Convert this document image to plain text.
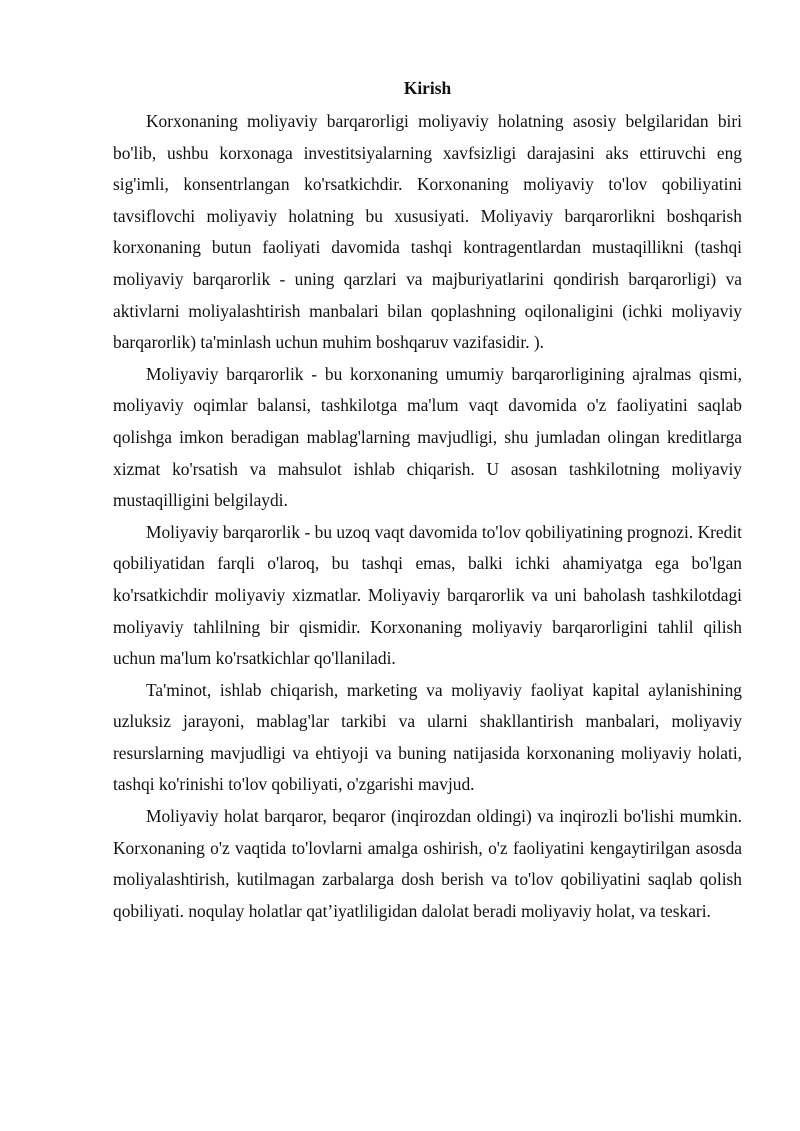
Kirish

Korxonaning moliyaviy barqarorligi moliyaviy holatning asosiy belgilaridan biri bo'lib, ushbu korxonaga investitsiyalarning xavfsizligi darajasini aks ettiruvchi eng sig'imli, konsentrlangan ko'rsatkichdir. Korxonaning moliyaviy to'lov qobiliyatini tavsiflovchi moliyaviy holatning bu xususiyati. Moliyaviy barqarorlikni boshqarish korxonaning butun faoliyati davomida tashqi kontragentlardan mustaqillikni (tashqi moliyaviy barqarorlik - uning qarzlari va majburiyatlarini qondirish barqarorligi) va aktivlarni moliyalashtirish manbalari bilan qoplashning oqilonaligini (ichki moliyaviy barqarorlik) ta'minlash uchun muhim boshqaruv vazifasidir. ).

Moliyaviy barqarorlik - bu korxonaning umumiy barqarorligining ajralmas qismi, moliyaviy oqimlar balansi, tashkilotga ma'lum vaqt davomida o'z faoliyatini saqlab qolishga imkon beradigan mablag'larning mavjudligi, shu jumladan olingan kreditlarga xizmat ko'rsatish va mahsulot ishlab chiqarish. U asosan tashkilotning moliyaviy mustaqilligini belgilaydi.

Moliyaviy barqarorlik - bu uzoq vaqt davomida to'lov qobiliyatining prognozi. Kredit qobiliyatidan farqli o'laroq, bu tashqi emas, balki ichki ahamiyatga ega bo'lgan ko'rsatkichdir moliyaviy xizmatlar. Moliyaviy barqarorlik va uni baholash tashkilotdagi moliyaviy tahlilning bir qismidir. Korxonaning moliyaviy barqarorligini tahlil qilish uchun ma'lum ko'rsatkichlar qo'llaniladi.

Ta'minot, ishlab chiqarish, marketing va moliyaviy faoliyat kapital aylanishining uzluksiz jarayoni, mablag'lar tarkibi va ularni shakllantirish manbalari, moliyaviy resurslarning mavjudligi va ehtiyoji va buning natijasida korxonaning moliyaviy holati, tashqi ko'rinishi to'lov qobiliyati, o'zgarishi mavjud.

Moliyaviy holat barqaror, beqaror (inqirozdan oldingi) va inqirozli bo'lishi mumkin. Korxonaning o'z vaqtida to'lovlarni amalga oshirish, o'z faoliyatini kengaytirilgan asosda moliyalashtirish, kutilmagan zarbalarga dosh berish va to'lov qobiliyatini saqlab qolish qobiliyati. noqulay holatlar qat’iyatliligidan dalolat beradi moliyaviy holat, va teskari.
